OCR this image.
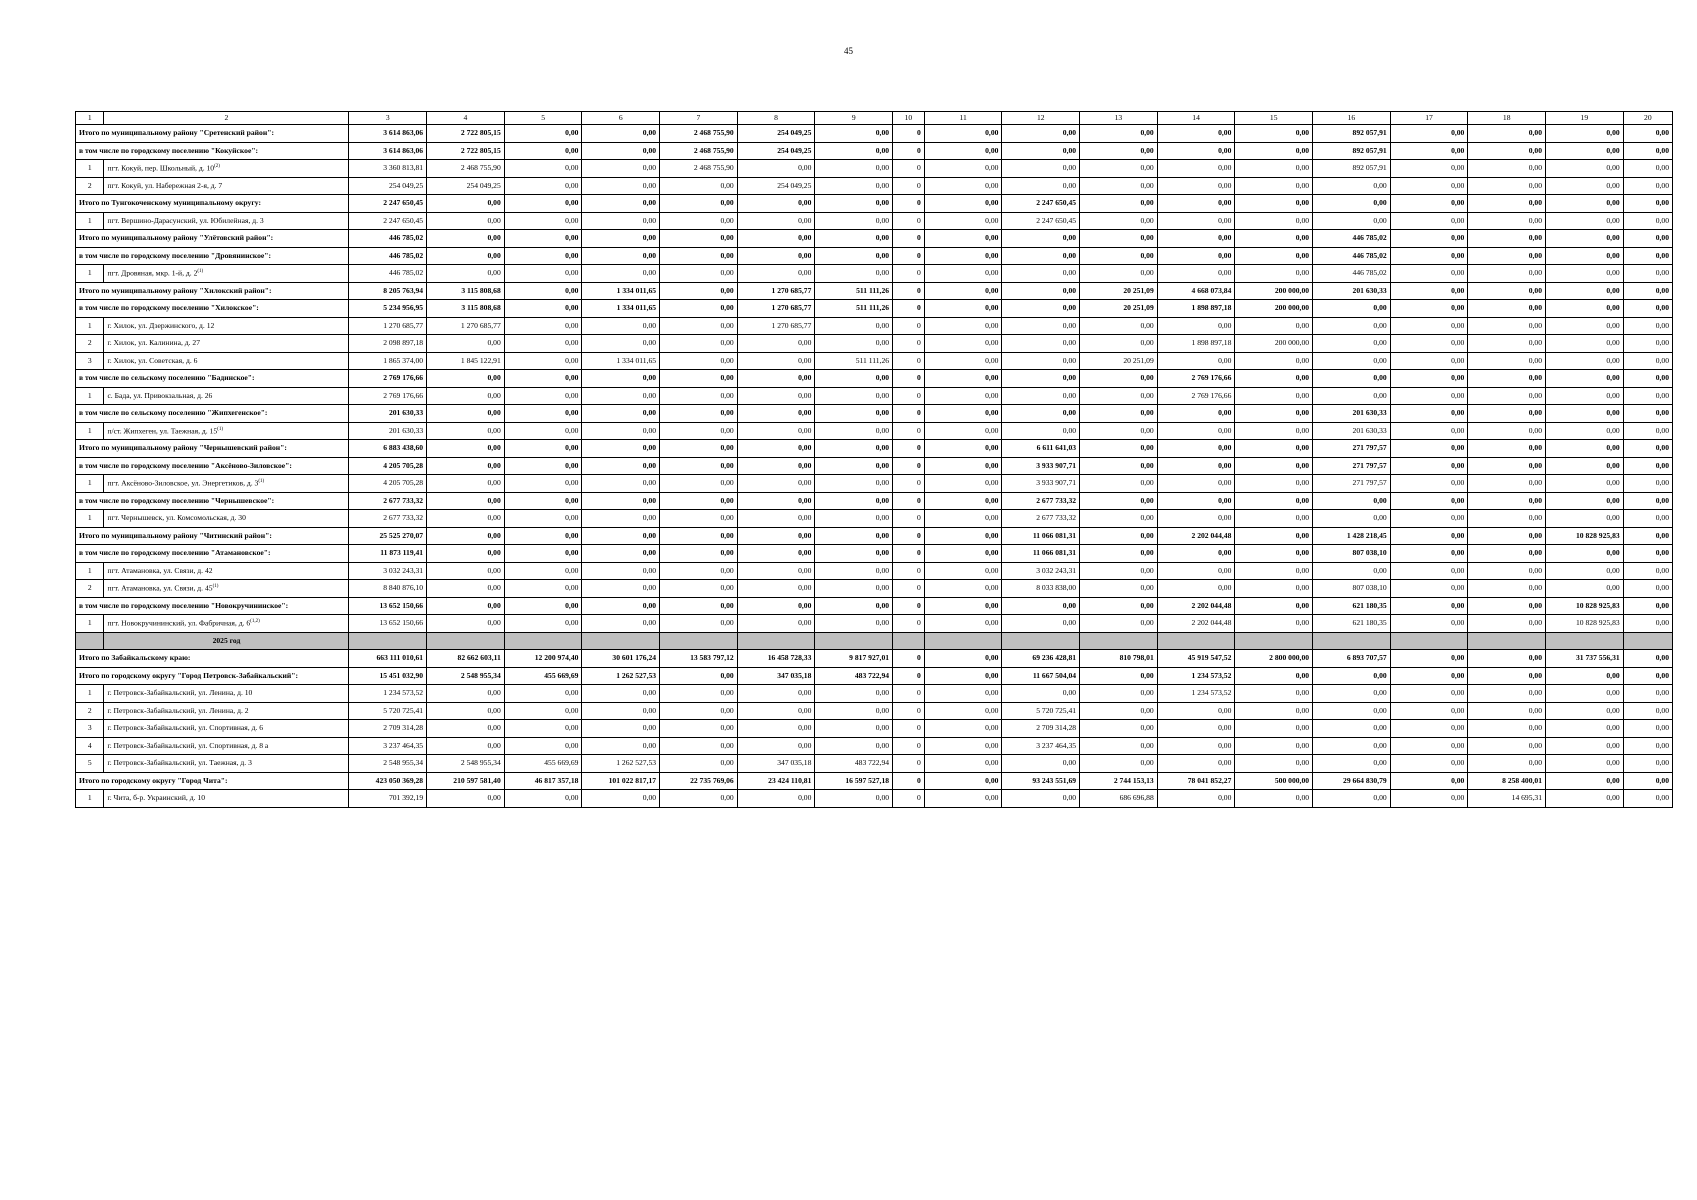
45
1	2	3	4	5	6	7	8	9	10	11	12	13	14	15	16	17	18	19	20
Итого по муниципальному району "Сретенский район":		3 614 863,06	2 722 805,15	0,00	0,00	2 468 755,90	254 049,25	0,00	0	0,00	0,00	0,00	0,00	0,00	892 057,91	0,00	0,00	0,00	0,00
в том числе по городскому поселению "Кокуйское":		3 614 863,06	2 722 805,15	0,00	0,00	2 468 755,90	254 049,25	0,00	0	0,00	0,00	0,00	0,00	0,00	892 057,91	0,00	0,00	0,00	0,00
1	пгт. Кокуй, пер. Школьный, д. 10$^{(2)}$	3 360 813,81	2 468 755,90	0,00	0,00	2 468 755,90	0,00	0,00	0	0,00	0,00	0,00	0,00	0,00	892 057,91	0,00	0,00	0,00	0,00
2	пгт. Кокуй, ул. Набережная 2-я, д. 7	254 049,25	254 049,25	0,00	0,00	0,00	254 049,25	0,00	0	0,00	0,00	0,00	0,00	0,00	0,00	0,00	0,00	0,00	0,00
Итого по Тунгокоченскому муниципальному округу:		2 247 650,45	0,00	0,00	0,00	0,00	0,00	0,00	0	0,00	2 247 650,45	0,00	0,00	0,00	0,00	0,00	0,00	0,00	0,00
1	пгт. Вершино-Дарасунский, ул. Юбилейная, д. 3	2 247 650,45	0,00	0,00	0,00	0,00	0,00	0,00	0	0,00	2 247 650,45	0,00	0,00	0,00	0,00	0,00	0,00	0,00	0,00
Итого по муниципальному району "Улётовский район":		446 785,02	0,00	0,00	0,00	0,00	0,00	0,00	0	0,00	0,00	0,00	0,00	0,00	446 785,02	0,00	0,00	0,00	0,00
в том числе по городскому поселению "Дровянинское":		446 785,02	0,00	0,00	0,00	0,00	0,00	0,00	0	0,00	0,00	0,00	0,00	0,00	446 785,02	0,00	0,00	0,00	0,00
1	пгт. Дровяная, мкр. 1-й, д. 2$^{(1)}$	446 785,02	0,00	0,00	0,00	0,00	0,00	0,00	0	0,00	0,00	0,00	0,00	0,00	446 785,02	0,00	0,00	0,00	0,00
Итого по муниципальному району "Хилокский район":		8 205 763,94	3 115 808,68	0,00	1 334 011,65	0,00	1 270 685,77	511 111,26	0	0,00	0,00	20 251,09	4 668 073,84	200 000,00	201 630,33	0,00	0,00	0,00	0,00
в том числе по городскому поселению "Хилокское":		5 234 956,95	3 115 808,68	0,00	1 334 011,65	0,00	1 270 685,77	511 111,26	0	0,00	0,00	20 251,09	1 898 897,18	200 000,00	0,00	0,00	0,00	0,00	0,00
1	г. Хилок, ул. Дзержинского, д. 12	1 270 685,77	1 270 685,77	0,00	0,00	0,00	1 270 685,77	0,00	0	0,00	0,00	0,00	0,00	0,00	0,00	0,00	0,00	0,00	0,00
2	г. Хилок, ул. Калинина, д. 27	2 098 897,18	0,00	0,00	0,00	0,00	0,00	0,00	0	0,00	0,00	0,00	1 898 897,18	200 000,00	0,00	0,00	0,00	0,00	0,00
3	г. Хилок, ул. Советская, д. 6	1 865 374,00	1 845 122,91	0,00	1 334 011,65	0,00	0,00	511 111,26	0	0,00	0,00	20 251,09	0,00	0,00	0,00	0,00	0,00	0,00	0,00
в том числе по сельскому поселению "Бадинское":		2 769 176,66	0,00	0,00	0,00	0,00	0,00	0,00	0	0,00	0,00	0,00	2 769 176,66	0,00	0,00	0,00	0,00	0,00	0,00
1	с. Бада, ул. Привокзальная, д. 26	2 769 176,66	0,00	0,00	0,00	0,00	0,00	0,00	0	0,00	0,00	0,00	2 769 176,66	0,00	0,00	0,00	0,00	0,00	0,00
в том числе по сельскому поселению "Жипхегенское":		201 630,33	0,00	0,00	0,00	0,00	0,00	0,00	0	0,00	0,00	0,00	0,00	0,00	201 630,33	0,00	0,00	0,00	0,00
1	п/ст. Жипхеген, ул. Таежная, д. 15$^{(1)}$	201 630,33	0,00	0,00	0,00	0,00	0,00	0,00	0	0,00	0,00	0,00	0,00	0,00	201 630,33	0,00	0,00	0,00	0,00
Итого по муниципальному району "Чернышевский район":		6 883 438,60	0,00	0,00	0,00	0,00	0,00	0,00	0	0,00	6 611 641,03	0,00	0,00	0,00	271 797,57	0,00	0,00	0,00	0,00
в том числе по городскому поселению "Аксёново-Зиловское":		4 205 705,28	0,00	0,00	0,00	0,00	0,00	0,00	0	0,00	3 933 907,71	0,00	0,00	0,00	271 797,57	0,00	0,00	0,00	0,00
1	пгт. Аксёново-Зиловское, ул. Энергетиков, д. 3$^{(1)}$	4 205 705,28	0,00	0,00	0,00	0,00	0,00	0,00	0	0,00	3 933 907,71	0,00	0,00	0,00	271 797,57	0,00	0,00	0,00	0,00
в том числе по городскому поселению "Чернышевское":		2 677 733,32	0,00	0,00	0,00	0,00	0,00	0,00	0	0,00	2 677 733,32	0,00	0,00	0,00	0,00	0,00	0,00	0,00	0,00
1	пгт. Чернышевск, ул. Комсомольская, д. 30	2 677 733,32	0,00	0,00	0,00	0,00	0,00	0,00	0	0,00	2 677 733,32	0,00	0,00	0,00	0,00	0,00	0,00	0,00	0,00
Итого по муниципальному району "Читинский район":		25 525 270,07	0,00	0,00	0,00	0,00	0,00	0,00	0	0,00	11 066 081,31	0,00	2 202 044,48	0,00	1 428 218,45	0,00	0,00	10 828 925,83	0,00
в том числе по городскому поселению "Атамановское":		11 873 119,41	0,00	0,00	0,00	0,00	0,00	0,00	0	0,00	11 066 081,31	0,00	0,00	0,00	807 038,10	0,00	0,00	0,00	0,00
1	пгт. Атамановка, ул. Связи, д. 42	3 032 243,31	0,00	0,00	0,00	0,00	0,00	0,00	0	0,00	3 032 243,31	0,00	0,00	0,00	0,00	0,00	0,00	0,00	0,00
2	пгт. Атамановка, ул. Связи, д. 45$^{(1)}$	8 840 876,10	0,00	0,00	0,00	0,00	0,00	0,00	0	0,00	8 033 838,00	0,00	0,00	0,00	807 038,10	0,00	0,00	0,00	0,00
в том числе по городскому поселению "Новокручининское":		13 652 150,66	0,00	0,00	0,00	0,00	0,00	0,00	0	0,00	0,00	0,00	2 202 044,48	0,00	621 180,35	0,00	0,00	10 828 925,83	0,00
1	пгт. Новокручининский, ул. Фабричная, д. 6$^{(1,2)}$	13 652 150,66	0,00	0,00	0,00	0,00	0,00	0,00	0	0,00	0,00	0,00	2 202 044,48	0,00	621 180,35	0,00	0,00	10 828 925,83	0,00
	2025 год																		
Итого по Забайкальскому краю:		663 111 010,61	82 662 603,11	12 200 974,40	30 601 176,24	13 583 797,12	16 458 728,33	9 817 927,01	0	0,00	69 236 428,81	810 798,01	45 919 547,52	2 800 000,00	6 893 707,57	0,00	0,00	31 737 556,31	0,00
Итого по городскому округу "Город Петровск-Забайкальский":		15 451 032,90	2 548 955,34	455 669,69	1 262 527,53	0,00	347 035,18	483 722,94	0	0,00	11 667 504,04	0,00	1 234 573,52	0,00	0,00	0,00	0,00	0,00	0,00
1	г. Петровск-Забайкальский, ул. Ленина, д. 10	1 234 573,52	0,00	0,00	0,00	0,00	0,00	0,00	0	0,00	0,00	0,00	1 234 573,52	0,00	0,00	0,00	0,00	0,00	0,00
2	г. Петровск-Забайкальский, ул. Ленина, д. 2	5 720 725,41	0,00	0,00	0,00	0,00	0,00	0,00	0	0,00	5 720 725,41	0,00	0,00	0,00	0,00	0,00	0,00	0,00	0,00
3	г. Петровск-Забайкальский, ул. Спортивная, д. 6	2 709 314,28	0,00	0,00	0,00	0,00	0,00	0,00	0	0,00	2 709 314,28	0,00	0,00	0,00	0,00	0,00	0,00	0,00	0,00
4	г. Петровск-Забайкальский, ул. Спортивная, д. 8 а	3 237 464,35	0,00	0,00	0,00	0,00	0,00	0,00	0	0,00	3 237 464,35	0,00	0,00	0,00	0,00	0,00	0,00	0,00	0,00
5	г. Петровск-Забайкальский, ул. Таежная, д. 3	2 548 955,34	2 548 955,34	455 669,69	1 262 527,53	0,00	347 035,18	483 722,94	0	0,00	0,00	0,00	0,00	0,00	0,00	0,00	0,00	0,00	0,00
Итого по городскому округу "Город Чита":		423 050 369,28	210 597 581,40	46 817 357,18	101 022 817,17	22 735 769,06	23 424 110,81	16 597 527,18	0	0,00	93 243 551,69	2 744 153,13	78 041 852,27	500 000,00	29 664 830,79	0,00	8 258 400,01	0,00	0,00
1	г. Чита, б-р. Украинский, д. 10	701 392,19	0,00	0,00	0,00	0,00	0,00	0,00	0	0,00	0,00	686 696,88	0,00	0,00	0,00	0,00	14 695,31	0,00	0,00
